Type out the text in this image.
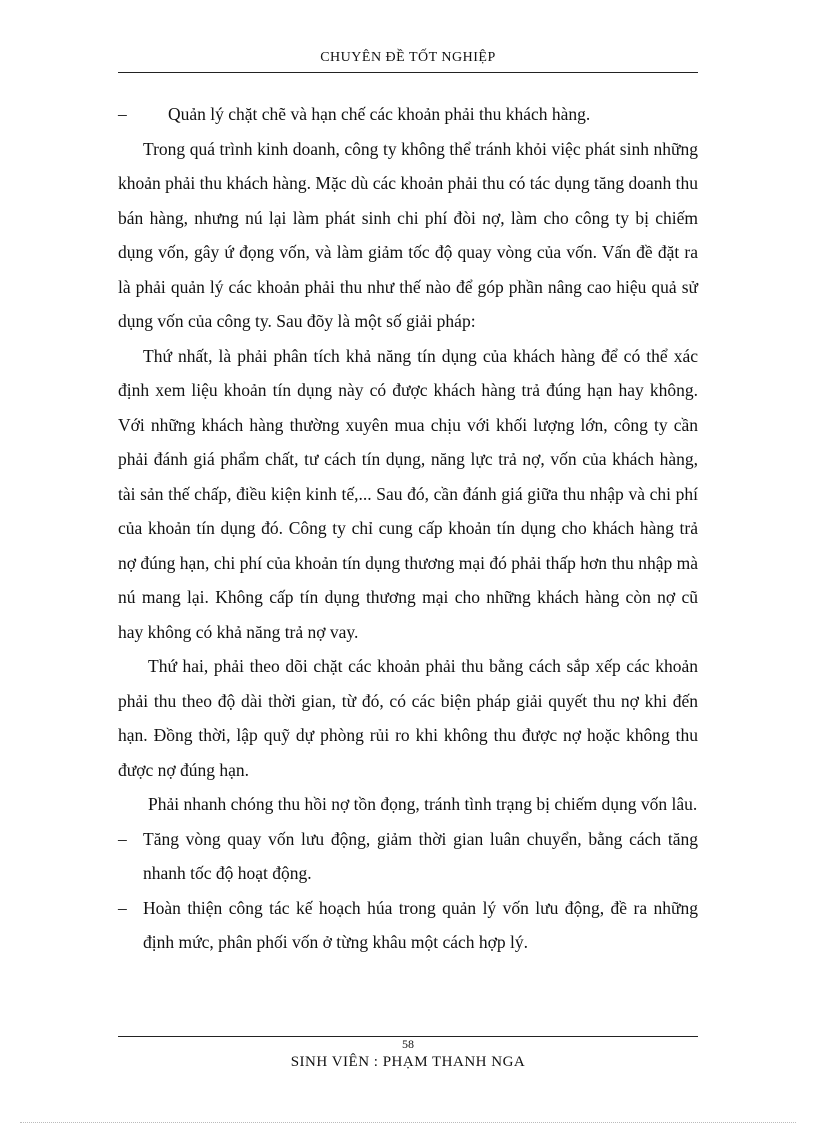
CHUYÊN ĐỀ TỐT NGHIỆP
–	Quản lý chặt chẽ và hạn chế các khoản phải thu khách hàng.

Trong quá trình kinh doanh, công ty không thể tránh khỏi việc phát sinh những khoản phải thu khách hàng. Mặc dù các khoản phải thu có tác dụng tăng doanh thu bán hàng, nhưng nú lại làm phát sinh chi phí đòi nợ, làm cho công ty bị chiếm dụng vốn, gây ứ đọng vốn, và làm giảm tốc độ quay vòng của vốn. Vấn đề đặt ra là phải quản lý các khoản phải thu như thế nào để góp phần nâng cao hiệu quả sử dụng vốn của công ty. Sau đõy là một số giải pháp:

Thứ nhất, là phải phân tích khả năng tín dụng của khách hàng để có thể xác định xem liệu khoản tín dụng này có được khách hàng trả đúng hạn hay không. Với những khách hàng thường xuyên mua chịu với khối lượng lớn, công ty cần phải đánh giá phẩm chất, tư cách tín dụng, năng lực trả nợ, vốn của khách hàng, tài sản thế chấp, điều kiện kinh tế,... Sau đó, cần đánh giá giữa thu nhập và chi phí của khoản tín dụng đó. Công ty chỉ cung cấp khoản tín dụng cho khách hàng trả nợ đúng hạn, chi phí của khoản tín dụng thương mại đó phải thấp hơn thu nhập mà nú mang lại. Không cấp tín dụng thương mại cho những khách hàng còn nợ cũ hay không có khả năng trả nợ vay.

Thứ hai, phải theo dõi chặt các khoản phải thu bằng cách sắp xếp các khoản phải thu theo độ dài thời gian, từ đó, có các biện pháp giải quyết thu nợ khi đến hạn. Đồng thời, lập quỹ dự phòng rủi ro khi không thu được nợ hoặc không thu được nợ đúng hạn.

Phải nhanh chóng thu hồi nợ tồn đọng, tránh tình trạng bị chiếm dụng vốn lâu.

– Tăng vòng quay vốn lưu động, giảm thời gian luân chuyển, bằng cách tăng nhanh tốc độ hoạt động.
– Hoàn thiện công tác kế hoạch húa trong quản lý vốn lưu động, đề ra những định mức, phân phối vốn ở từng khâu một cách hợp lý.
58
SINH VIÊN : PHẠM THANH NGA
